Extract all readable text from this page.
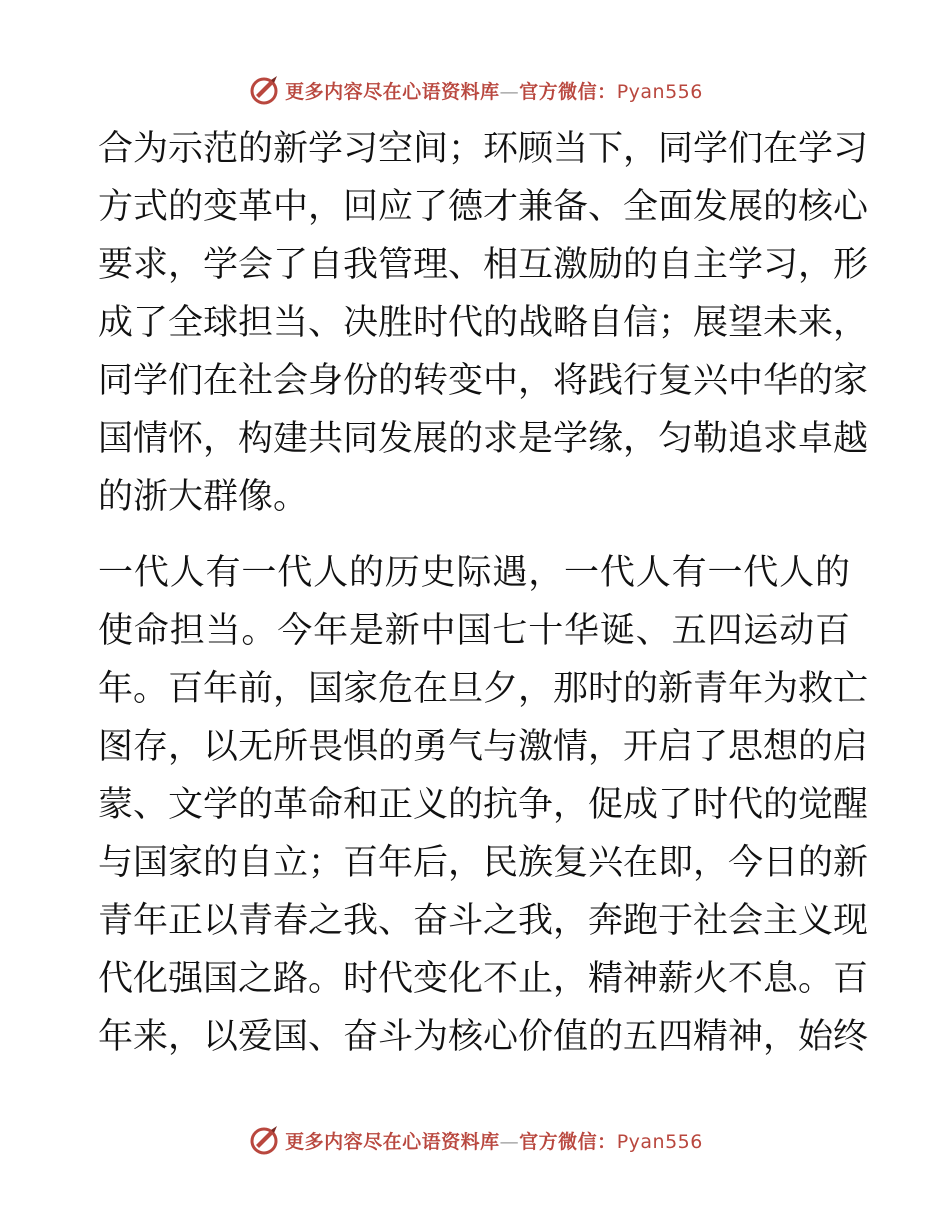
更多内容尽在心语资料库—官方微信：Pyan556

合为示范的新学习空间；环顾当下，同学们在学习
方式的变革中，回应了德才兼备、全面发展的核心
要求，学会了自我管理、相互激励的自主学习，形
成了全球担当、决胜时代的战略自信；展望未来，
同学们在社会身份的转变中，将践行复兴中华的家
国情怀，构建共同发展的求是学缘，匀勒追求卓越
的浙大群像。

一代人有一代人的历史际遇，一代人有一代人的
使命担当。今年是新中国七十华诞、五四运动百
年。百年前，国家危在旦夕，那时的新青年为救亡
图存，以无所畏惧的勇气与激情，开启了思想的启
蒙、文学的革命和正义的抗争，促成了时代的觉醒
与国家的自立；百年后，民族复兴在即，今日的新
青年正以青春之我、奋斗之我，奔跑于社会主义现
代化强国之路。时代变化不止，精神薪火不息。百
年来，以爱国、奋斗为核心价值的五四精神，始终

更多内容尽在心语资料库—官方微信：Pyan556
